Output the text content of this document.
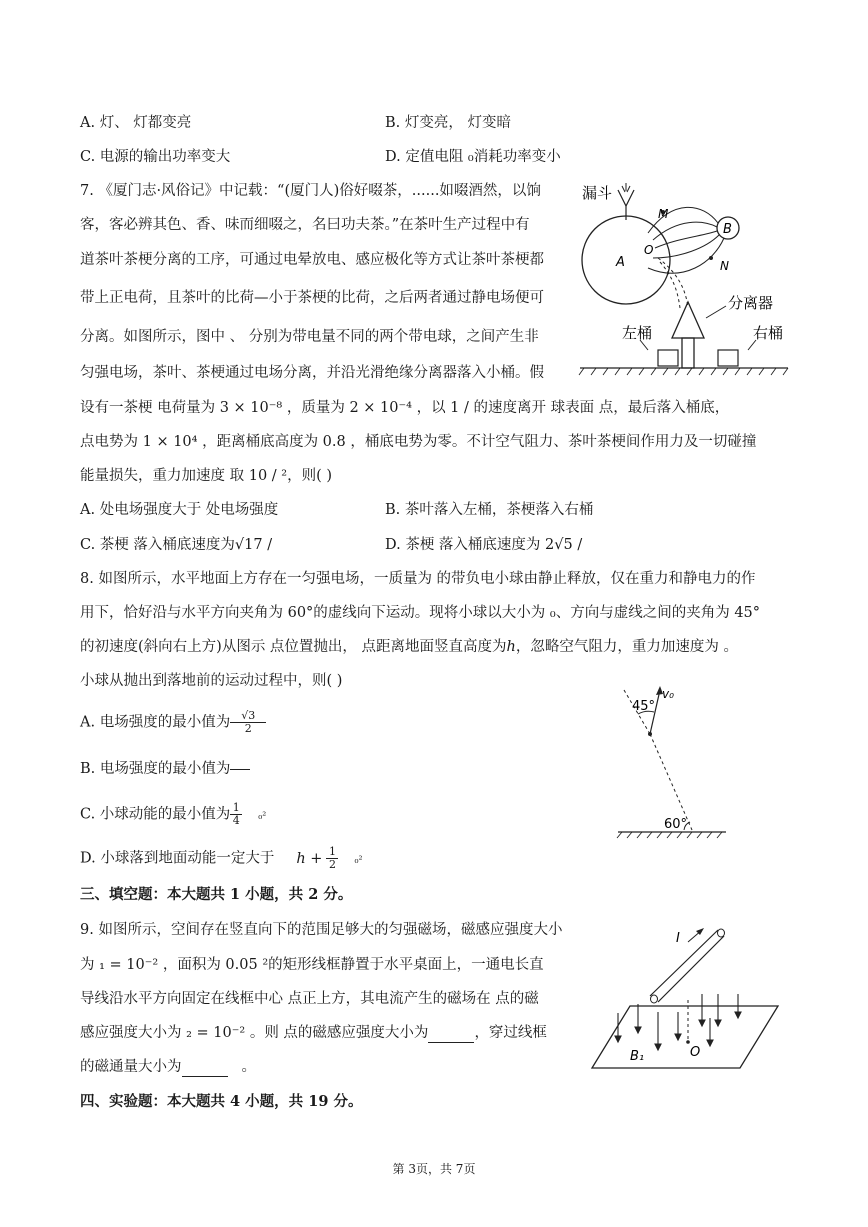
A. 灯、 灯都变亮	B. 灯变亮， 灯变暗
C. 电源的输出功率变大	D. 定值电阻 ₀消耗功率变小
7. 《厦门志·风俗记》中记载：“(厦门人)俗好啜茶，......如啜酒然，以饷
客，客必辨其色、香、味而细啜之，名曰功夫茶。”在茶叶生产过程中有
道茶叶茶梗分离的工序，可通过电晕放电、感应极化等方式让茶叶茶梗都
带上正电荷，且茶叶的比荷—小于茶梗的比荷，之后两者通过静电场便可
分离。如图所示，图中 、 分别为带电量不同的两个带电球，之间产生非
匀强电场，茶叶、茶梗通过电场分离，并沿光滑绝缘分离器落入小桶。假
设有一茶梗 电荷量为 3 × 10⁻⁸ ，质量为 2 × 10⁻⁴ ，以 1 / 的速度离开 球表面 点，最后落入桶底，
点电势为 1 × 10⁴ ，距离桶底高度为 0.8 ，桶底电势为零。不计空气阻力、茶叶茶梗间作用力及一切碰撞
能量损失，重力加速度 取 10 / ²，则( )
A. 处电场强度大于 处电场强度	B. 茶叶落入左桶，茶梗落入右桶
C. 茶梗 落入桶底速度为√17 /	D. 茶梗 落入桶底速度为 2√5 /
漏斗
A
B
M
N
O
分离器
左桶	右桶
8. 如图所示，水平地面上方存在一匀强电场，一质量为 的带负电小球由静止释放，仅在重力和静电力的作
用下，恰好沿与水平方向夹角为 60°的虚线向下运动。现将小球以大小为 ₀、方向与虚线之间的夹角为 45°
的初速度(斜向右上方)从图示 点位置抛出， 点距离地面竖直高度为ℎ，忽略空气阻力，重力加速度为 。
小球从抛出到落地前的运动过程中，则( )
A. 电场强度的最小值为 $\frac{√3}{2}$
B. 电场强度的最小值为
C. 小球动能的最小值为 $\frac{1}{4} _0^2$
D. 小球落到地面动能一定大于 ℎ + $\frac{1}{2} _0^2$
45°
v₀
60°
三、填空题：本大题共 1 小题，共 2 分。
9. 如图所示，空间存在竖直向下的范围足够大的匀强磁场，磁感应强度大小
为 ₁ = 10⁻² ，面积为 0.05 ²的矩形线框静置于水平桌面上，一通电长直
导线沿水平方向固定在线框中心 点正上方，其电流产生的磁场在 点的磁
感应强度大小为 ₂ = 10⁻² 。则 点的磁感应强度大小为	，穿过线框
的磁通量大小为	。
I
O
B₁
四、实验题：本大题共 4 小题，共 19 分。
第 3页，共 7页
